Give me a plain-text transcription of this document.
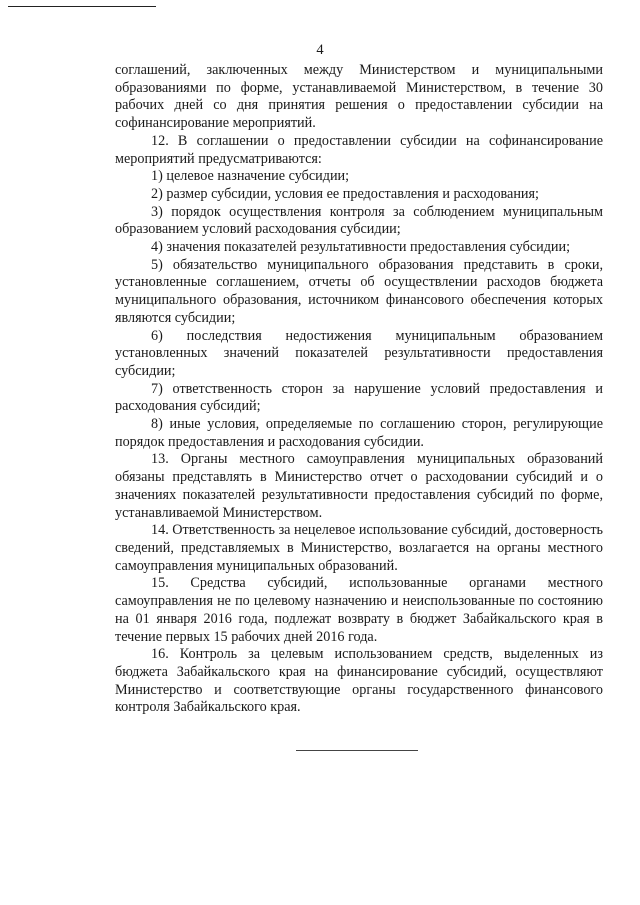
4

соглашений, заключенных между Министерством и муниципальными образованиями по форме, устанавливаемой Министерством, в течение 30 рабочих дней со дня принятия решения о предоставлении субсидии на софинансирование мероприятий.

12. В соглашении о предоставлении субсидии на софинансирование мероприятий предусматриваются:

1) целевое назначение субсидии;

2) размер субсидии, условия ее предоставления и расходования;

3) порядок осуществления контроля за соблюдением муниципальным образованием условий расходования субсидии;

4) значения показателей результативности предоставления субсидии;

5) обязательство муниципального образования представить в сроки, установленные соглашением, отчеты об осуществлении расходов бюджета муниципального образования, источником финансового обеспечения которых являются субсидии;

6) последствия недостижения муниципальным образованием установленных значений показателей результативности предоставления субсидии;

7) ответственность сторон за нарушение условий предоставления и расходования субсидий;

8) иные условия, определяемые по соглашению сторон, регулирующие порядок предоставления и расходования субсидии.

13. Органы местного самоуправления муниципальных образований обязаны представлять в Министерство отчет о расходовании субсидий и о значениях показателей результативности предоставления субсидий по форме, устанавливаемой Министерством.

14. Ответственность за нецелевое использование субсидий, достоверность сведений, представляемых в Министерство, возлагается на органы местного самоуправления муниципальных образований.

15. Средства субсидий, использованные органами местного самоуправления не по целевому назначению и неиспользованные по состоянию на 01 января 2016 года, подлежат возврату в бюджет Забайкальского края в течение первых 15 рабочих дней 2016 года.

16. Контроль за целевым использованием средств, выделенных из бюджета Забайкальского края на финансирование субсидий, осуществляют Министерство и соответствующие органы государственного финансового контроля Забайкальского края.
